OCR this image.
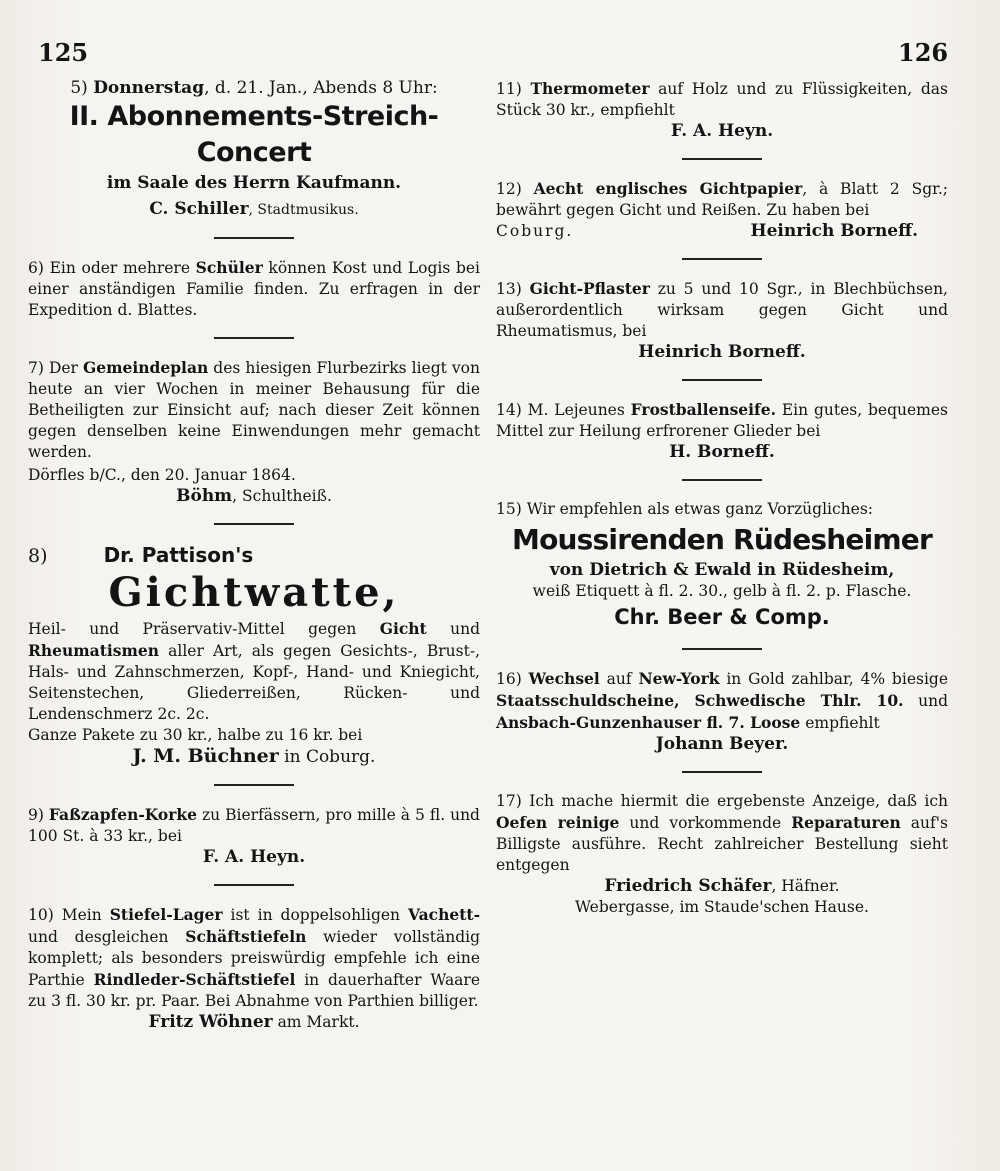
125	126

5) Donnerstag, d. 21. Jan., Abends 8 Uhr:

II. Abonnements-Streich-Concert

im Saale des Herrn Kaufmann.

C. Schiller, Stadtmusikus.

6) Ein oder mehrere Schüler können Kost und Logis bei einer anständigen Familie finden. Zu erfragen in der Expedition d. Blattes.

7) Der Gemeindeplan des hiesigen Flurbezirks liegt von heute an vier Wochen in meiner Behausung für die Betheiligten zur Einsicht auf; nach dieser Zeit können gegen denselben keine Einwendungen mehr gemacht werden.

Dörfles b/C., den 20. Januar 1864.

Böhm, Schultheiß.

8)	Dr. Pattison's

Gichtwatte,

Heil- und Präservativ-Mittel gegen Gicht und Rheumatismen aller Art, als gegen Gesichts-, Brust-, Hals- und Zahnschmerzen, Kopf-, Hand- und Kniegicht, Seitenstechen, Gliederreißen, Rücken- und Lendenschmerz 2c. 2c.

Ganze Pakete zu 30 kr., halbe zu 16 kr. bei

J. M. Büchner in Coburg.

9) Faßzapfen-Korke zu Bierfässern, pro mille à 5 fl. und 100 St. à 33 kr., bei

F. A. Heyn.

10) Mein Stiefel-Lager ist in doppelsohligen Vachett- und desgleichen Schäftstiefeln wieder vollständig komplett; als besonders preiswürdig empfehle ich eine Parthie Rindleder-Schäftstiefel in dauerhafter Waare zu 3 fl. 30 kr. pr. Paar. Bei Abnahme von Parthien billiger.

Fritz Wöhner am Markt.

11) Thermometer auf Holz und zu Flüssigkeiten, das Stück 30 kr., empfiehlt

F. A. Heyn.

12) Aecht englisches Gichtpapier, à Blatt 2 Sgr.; bewährt gegen Gicht und Reißen. Zu haben bei

Coburg.	Heinrich Borneff.

13) Gicht-Pflaster zu 5 und 10 Sgr., in Blechbüchsen, außerordentlich wirksam gegen Gicht und Rheumatismus, bei

Heinrich Borneff.

14) M. Lejeunes Frostballenseife. Ein gutes, bequemes Mittel zur Heilung erfrorener Glieder bei

H. Borneff.

15) Wir empfehlen als etwas ganz Vorzügliches:

Moussirenden Rüdesheimer

von Dietrich & Ewald in Rüdesheim,

weiß Etiquett à fl. 2. 30., gelb à fl. 2. p. Flasche.

Chr. Beer & Comp.

16) Wechsel auf New-York in Gold zahlbar, 4% biesige Staatsschuldscheine, Schwedische Thlr. 10. und Ansbach-Gunzenhauser fl. 7. Loose empfiehlt

Johann Beyer.

17) Ich mache hiermit die ergebenste Anzeige, daß ich Oefen reinige und vorkommende Reparaturen auf's Billigste ausführe. Recht zahlreicher Bestellung sieht entgegen

Friedrich Schäfer, Häfner.

Webergasse, im Staude'schen Hause.
